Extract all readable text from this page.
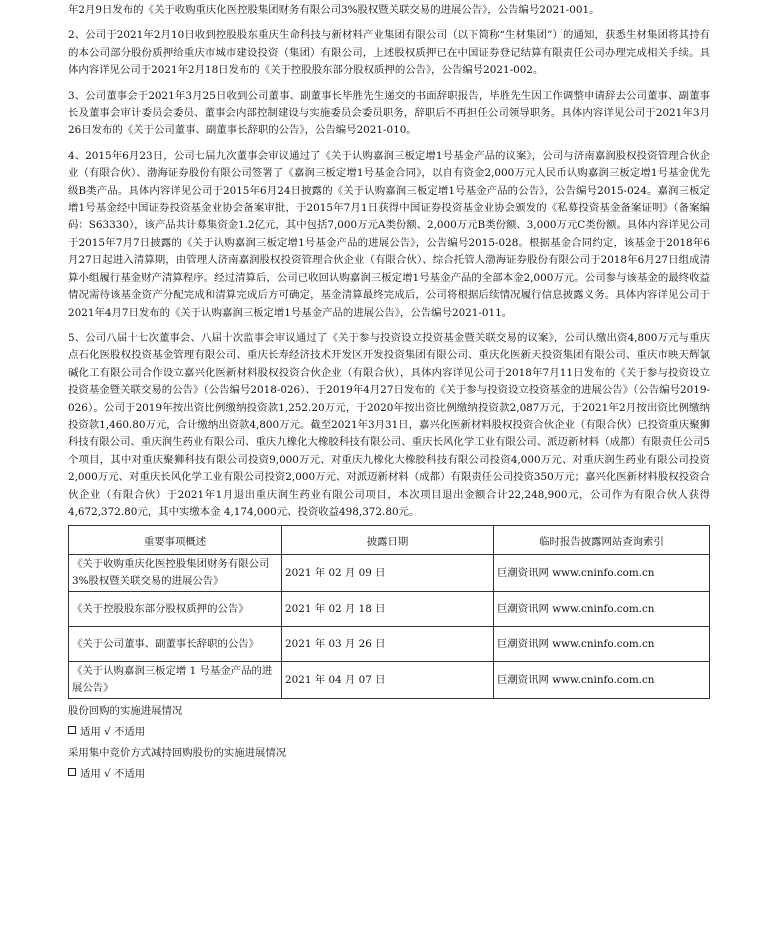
年2月9日发布的《关于收购重庆化医控股集团财务有限公司3%股权暨关联交易的进展公告》，公告编号2021-001。

2、公司于2021年2月10日收到控股股东重庆生命科技与新材料产业集团有限公司（以下简称“生材集团”）的通知，获悉生材集团将其持有的本公司部分股份质押给重庆市城市建设投资（集团）有限公司，上述股权质押已在中国证券登记结算有限责任公司办理完成相关手续。具体内容详见公司于2021年2月18日发布的《关于控股股东部分股权质押的公告》，公告编号2021-002。

3、公司董事会于2021年3月25日收到公司董事、副董事长毕胜先生递交的书面辞职报告，毕胜先生因工作调整申请辞去公司董事、副董事长及董事会审计委员会委员、董事会内部控制建设与实施委员会委员职务，辞职后不再担任公司领导职务。具体内容详见公司于2021年3月26日发布的《关于公司董事、副董事长辞职的公告》，公告编号2021-010。

4、2015年6月23日，公司七届九次董事会审议通过了《关于认购嘉润三板定增1号基金产品的议案》，公司与济南嘉润股权投资管理合伙企业（有限合伙）、渤海证券股份有限公司签署了《嘉润三板定增1号基金合同》，以自有资金2,000万元人民币认购嘉润三板定增1号基金优先级B类产品。具体内容详见公司于2015年6月24日披露的《关于认购嘉润三板定增1号基金产品的公告》，公告编号2015-024。嘉润三板定增1号基金经中国证券投资基金业协会备案审批，于2015年7月1日获得中国证券投资基金业协会颁发的《私募投资基金备案证明》（备案编码：S63330），该产品共计募集资金1.2亿元，其中包括7,000万元A类份额、2,000万元B类份额、3,000万元C类份额。具体内容详见公司于2015年7月7日披露的《关于认购嘉润三板定增1号基金产品的进展公告》，公告编号2015-028。根据基金合同约定，该基金于2018年6月27日起进入清算期，由管理人济南嘉润股权投资管理合伙企业（有限合伙）、综合托管人渤海证券股份有限公司于2018年6月27日组成清算小组履行基金财产清算程序。经过清算后，公司已收回认购嘉润三板定增1号基金产品的全部本金2,000万元。公司参与该基金的最终收益情况需待该基金资产分配完成和清算完成后方可确定，基金清算最终完成后，公司将根据后续情况履行信息披露义务。具体内容详见公司于2021年4月7日发布的《关于认购嘉润三板定增1号基金产品的进展公告》，公告编号2021-011。

5、公司八届十七次董事会、八届十次监事会审议通过了《关于参与投资设立投资基金暨关联交易的议案》，公司认缴出资4,800万元与重庆点石化医股权投资基金管理有限公司、重庆长寿经济技术开发区开发投资集团有限公司、重庆化医新天投资集团有限公司、重庆市映天辉氯碱化工有限公司合作设立嘉兴化医新材料股权投资合伙企业（有限合伙），具体内容详见公司于2018年7月11日发布的《关于参与投资设立投资基金暨关联交易的公告》（公告编号2018-026）、于2019年4月27日发布的《关于参与投资设立投资基金的进展公告》（公告编号2019-026）。公司于2019年按出资比例缴纳投资款1,252.20万元，于2020年按出资比例缴纳投资款2,087万元，于2021年2月按出资比例缴纳投资款1,460.80万元，合计缴纳出资款4,800万元。截至2021年3月31日，嘉兴化医新材料股权投资合伙企业（有限合伙）已投资重庆聚狮科技有限公司、重庆润生药业有限公司、重庆九橡化大橡胶科技有限公司、重庆长风化学工业有限公司、派迈新材料（成都）有限责任公司5个项目，其中对重庆聚狮科技有限公司投资9,000万元、对重庆九橡化大橡胶科技有限公司投资4,000万元、对重庆润生药业有限公司投资2,000万元、对重庆长风化学工业有限公司投资2,000万元、对派迈新材料（成都）有限责任公司投资350万元；嘉兴化医新材料股权投资合伙企业（有限合伙）于2021年1月退出重庆润生药业有限公司项目，本次项目退出金额合计22,248,900元，公司作为有限合伙人获得4,672,372.80元，其中实缴本金 4,174,000元、投资收益498,372.80元。

重要事项概述	披露日期	临时报告披露网站查询索引
《关于收购重庆化医控股集团财务有限公司 3%股权暨关联交易的进展公告》	2021 年 02 月 09 日	巨潮资讯网 www.cninfo.com.cn
《关于控股股东部分股权质押的公告》	2021 年 02 月 18 日	巨潮资讯网 www.cninfo.com.cn
《关于公司董事、副董事长辞职的公告》	2021 年 03 月 26 日	巨潮资讯网 www.cninfo.com.cn
《关于认购嘉润三板定增 1 号基金产品的进展公告》	2021 年 04 月 07 日	巨潮资讯网 www.cninfo.com.cn

股份回购的实施进展情况

适用 √ 不适用

采用集中竞价方式减持回购股份的实施进展情况

适用 √ 不适用
